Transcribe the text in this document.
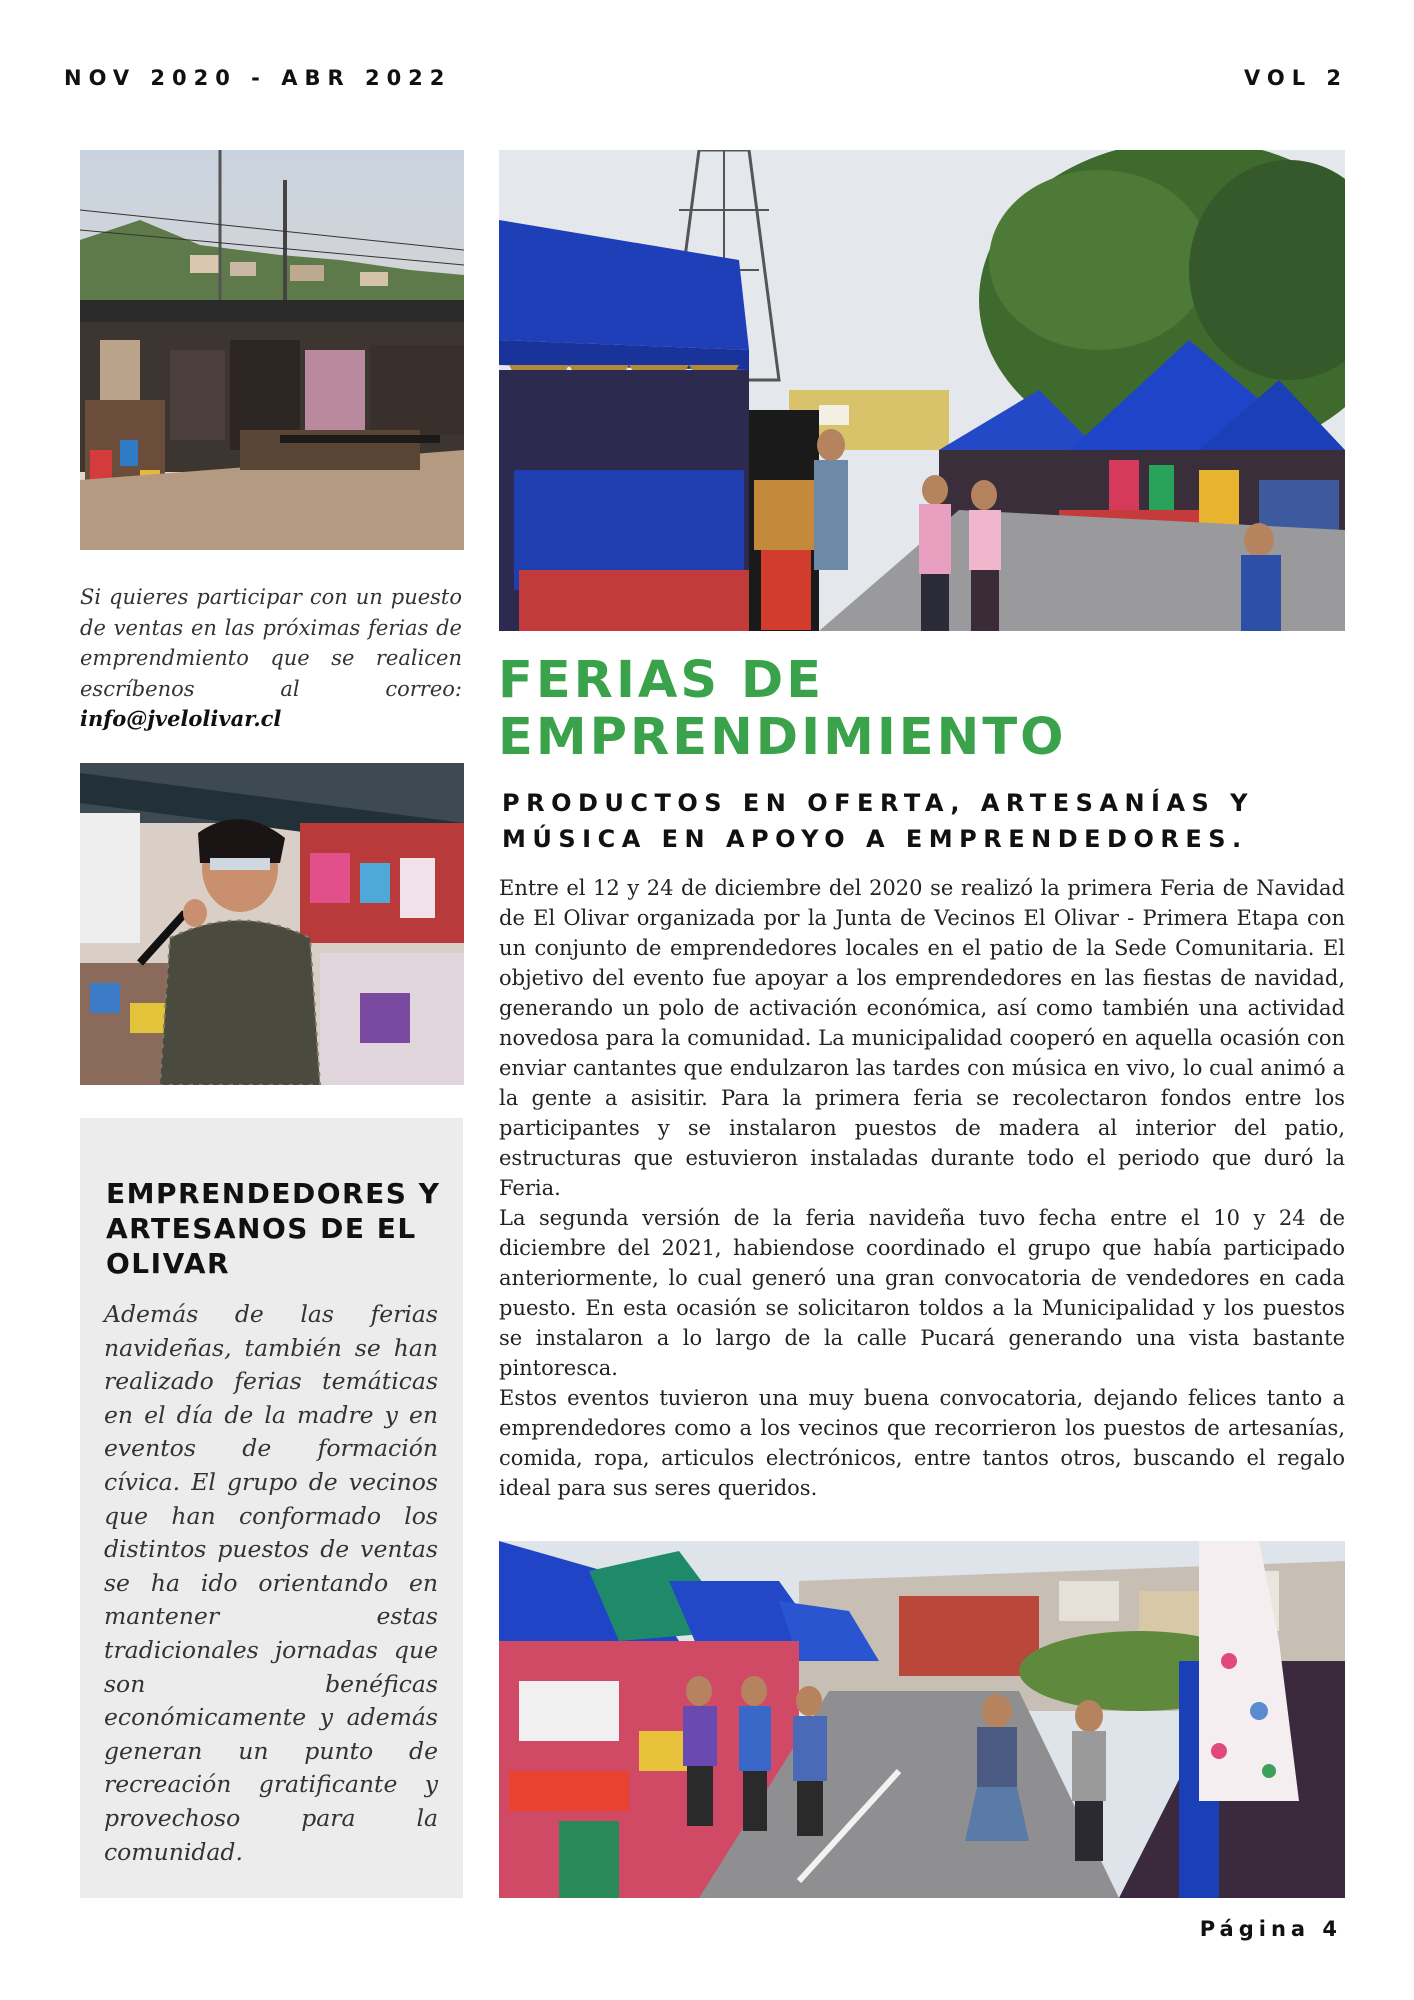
NOV 2020 - ABR 2022	VOL 2
Si quieres participar con un puesto de ventas en las próximas ferias de emprendmiento que se realicen escríbenos al correo: info@jvelolivar.cl
EMPRENDEDORES Y ARTESANOS DE EL OLIVAR

Además de las ferias navideñas, también se han realizado ferias temáticas en el día de la madre y en eventos de formación cívica. El grupo de vecinos que han conformado los distintos puestos de ventas se ha ido orientando en mantener estas tradicionales jornadas que son benéficas económicamente y además generan un punto de recreación gratificante y provechoso para la comunidad.

FERIAS DE EMPRENDIMIENTO
PRODUCTOS EN OFERTA, ARTESANÍAS Y MÚSICA EN APOYO A EMPRENDEDORES.

Entre el 12 y 24 de diciembre del 2020 se realizó la primera Feria de Navidad de El Olivar organizada por la Junta de Vecinos El Olivar - Primera Etapa con un conjunto de emprendedores locales en el patio de la Sede Comunitaria. El objetivo del evento fue apoyar a los emprendedores en las fiestas de navidad, generando un polo de activación económica, así como también una actividad novedosa para la comunidad. La municipalidad cooperó en aquella ocasión con enviar cantantes que endulzaron las tardes con música en vivo, lo cual animó a la gente a asisitir. Para la primera feria se recolectaron fondos entre los participantes y se instalaron puestos de madera al interior del patio, estructuras que estuvieron instaladas durante todo el periodo que duró la Feria.

La segunda versión de la feria navideña tuvo fecha entre el 10 y 24 de diciembre del 2021, habiendose coordinado el grupo que había participado anteriormente, lo cual generó una gran convocatoria de vendedores en cada puesto. En esta ocasión se solicitaron toldos a la Municipalidad y los puestos se instalaron a lo largo de la calle Pucará generando una vista bastante pintoresca.

Estos eventos tuvieron una muy buena convocatoria, dejando felices tanto a emprendedores como a los vecinos que recorrieron los puestos de artesanías, comida, ropa, articulos electrónicos, entre tantos otros, buscando el regalo ideal para sus seres queridos.

Página 4
